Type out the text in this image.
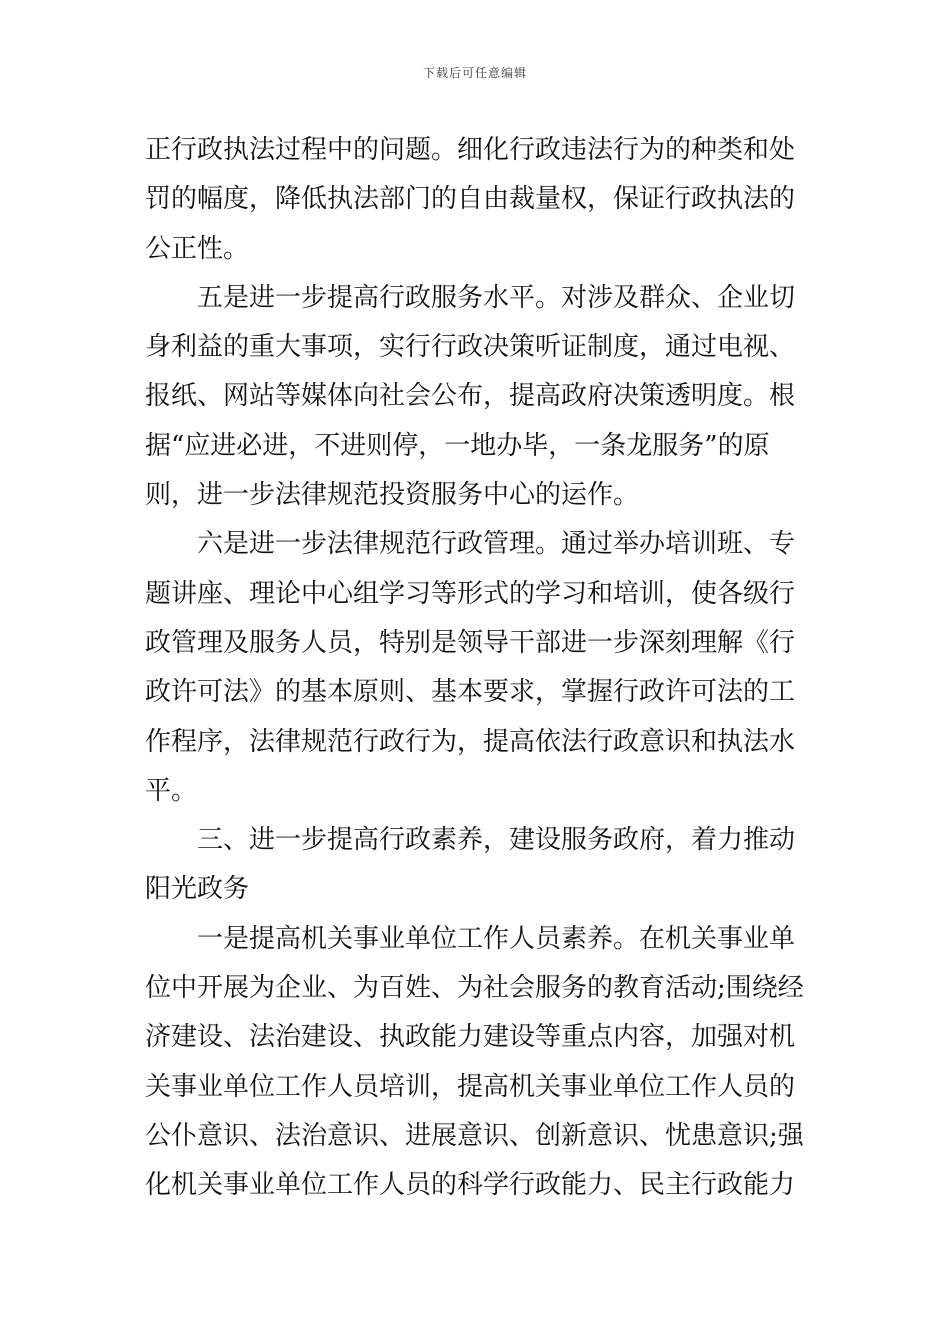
下载后可任意编辑
正行政执法过程中的问题。细化行政违法行为的种类和处
罚的幅度，降低执法部门的自由裁量权，保证行政执法的
公正性。
五是进一步提高行政服务水平。对涉及群众、企业切
身利益的重大事项，实行行政决策听证制度，通过电视、
报纸、网站等媒体向社会公布，提高政府决策透明度。根
据“应进必进，不进则停，一地办毕，一条龙服务”的原
则，进一步法律规范投资服务中心的运作。
六是进一步法律规范行政管理。通过举办培训班、专
题讲座、理论中心组学习等形式的学习和培训，使各级行
政管理及服务人员，特别是领导干部进一步深刻理解《行
政许可法》的基本原则、基本要求，掌握行政许可法的工
作程序，法律规范行政行为，提高依法行政意识和执法水
平。
三、进一步提高行政素养，建设服务政府，着力推动
阳光政务
一是提高机关事业单位工作人员素养。在机关事业单
位中开展为企业、为百姓、为社会服务的教育活动;围绕经
济建设、法治建设、执政能力建设等重点内容，加强对机
关事业单位工作人员培训，提高机关事业单位工作人员的
公仆意识、法治意识、进展意识、创新意识、忧患意识;强
化机关事业单位工作人员的科学行政能力、民主行政能力
